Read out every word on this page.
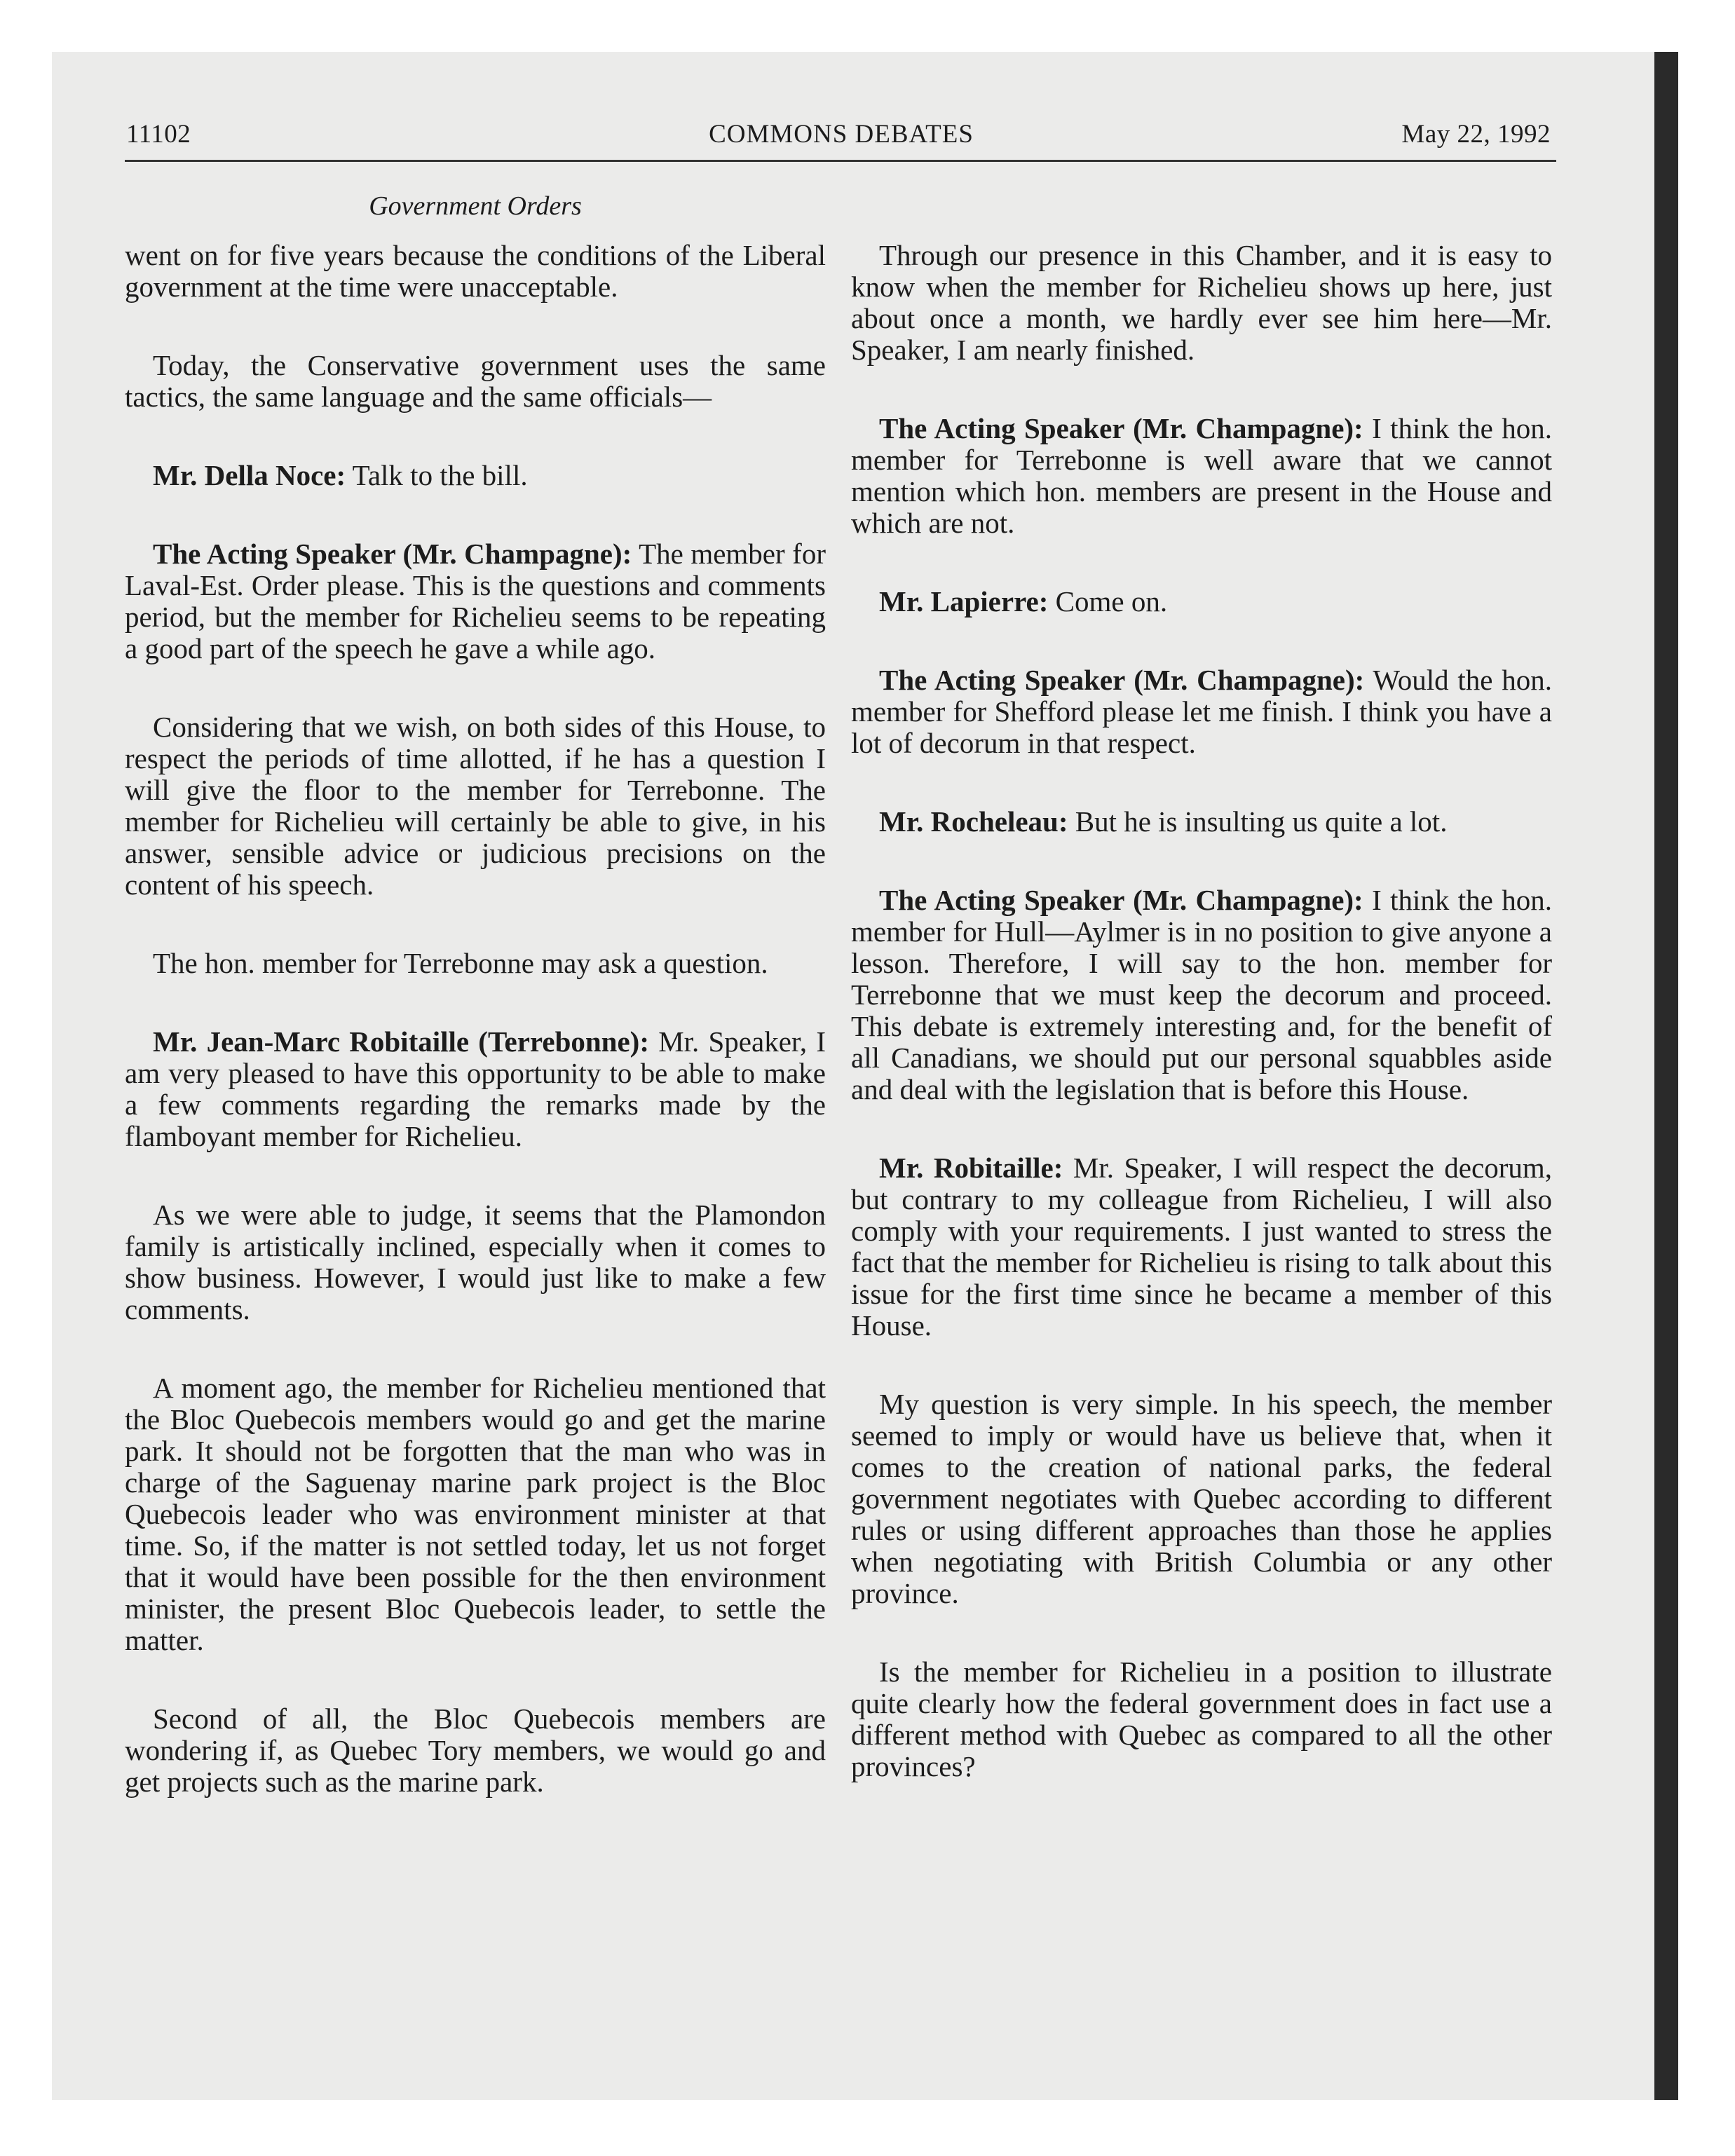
11102	COMMONS DEBATES	May 22, 1992
Government Orders

went on for five years because the conditions of the Liberal government at the time were unacceptable.

Today, the Conservative government uses the same tactics, the same language and the same officials—

Mr. Della Noce: Talk to the bill.

The Acting Speaker (Mr. Champagne): The member for Laval-Est. Order please. This is the questions and comments period, but the member for Richelieu seems to be repeating a good part of the speech he gave a while ago.

Considering that we wish, on both sides of this House, to respect the periods of time allotted, if he has a question I will give the floor to the member for Terrebonne. The member for Richelieu will certainly be able to give, in his answer, sensible advice or judicious precisions on the content of his speech.

The hon. member for Terrebonne may ask a question.

Mr. Jean-Marc Robitaille (Terrebonne): Mr. Speaker, I am very pleased to have this opportunity to be able to make a few comments regarding the remarks made by the flamboyant member for Richelieu.

As we were able to judge, it seems that the Plamondon family is artistically inclined, especially when it comes to show business. However, I would just like to make a few comments.

A moment ago, the member for Richelieu mentioned that the Bloc Quebecois members would go and get the marine park. It should not be forgotten that the man who was in charge of the Saguenay marine park project is the Bloc Quebecois leader who was environment minister at that time. So, if the matter is not settled today, let us not forget that it would have been possible for the then environment minister, the present Bloc Quebecois leader, to settle the matter.

Second of all, the Bloc Quebecois members are wondering if, as Quebec Tory members, we would go and get projects such as the marine park.

Through our presence in this Chamber, and it is easy to know when the member for Richelieu shows up here, just about once a month, we hardly ever see him here—Mr. Speaker, I am nearly finished.

The Acting Speaker (Mr. Champagne): I think the hon. member for Terrebonne is well aware that we cannot mention which hon. members are present in the House and which are not.

Mr. Lapierre: Come on.

The Acting Speaker (Mr. Champagne): Would the hon. member for Shefford please let me finish. I think you have a lot of decorum in that respect.

Mr. Rocheleau: But he is insulting us quite a lot.

The Acting Speaker (Mr. Champagne): I think the hon. member for Hull—Aylmer is in no position to give anyone a lesson. Therefore, I will say to the hon. member for Terrebonne that we must keep the decorum and proceed. This debate is extremely interesting and, for the benefit of all Canadians, we should put our personal squabbles aside and deal with the legislation that is before this House.

Mr. Robitaille: Mr. Speaker, I will respect the decorum, but contrary to my colleague from Richelieu, I will also comply with your requirements. I just wanted to stress the fact that the member for Richelieu is rising to talk about this issue for the first time since he became a member of this House.

My question is very simple. In his speech, the member seemed to imply or would have us believe that, when it comes to the creation of national parks, the federal government negotiates with Quebec according to different rules or using different approaches than those he applies when negotiating with British Columbia or any other province.

Is the member for Richelieu in a position to illustrate quite clearly how the federal government does in fact use a different method with Quebec as compared to all the other provinces?
